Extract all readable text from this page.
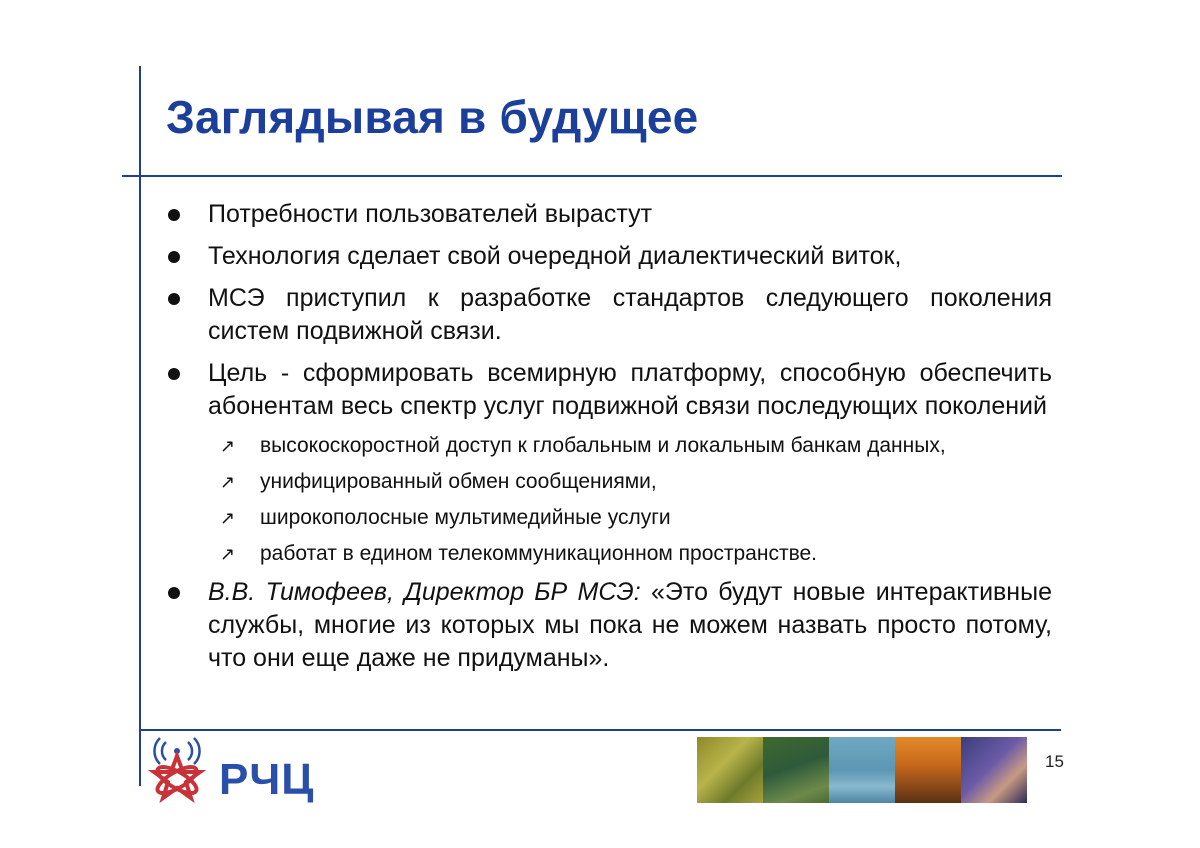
Заглядывая в будущее
Потребности пользователей вырастут
Технология сделает свой очередной диалектический виток,
МСЭ приступил к разработке стандартов следующего поколения систем подвижной связи.
Цель - сформировать всемирную платформу, способную обеспечить абонентам весь спектр услуг подвижной связи последующих поколений
↗ высокоскоростной доступ к глобальным и локальным банкам данных,
↗ унифицированный обмен сообщениями,
↗ широкополосные мультимедийные услуги
↗ работат в едином телекоммуникационном пространстве.
В.В. Тимофеев, Директор БР МСЭ: «Это будут новые интерактивные службы, многие из которых мы пока не можем назвать просто потому, что они еще даже не придуманы».
РЧЦ	15
